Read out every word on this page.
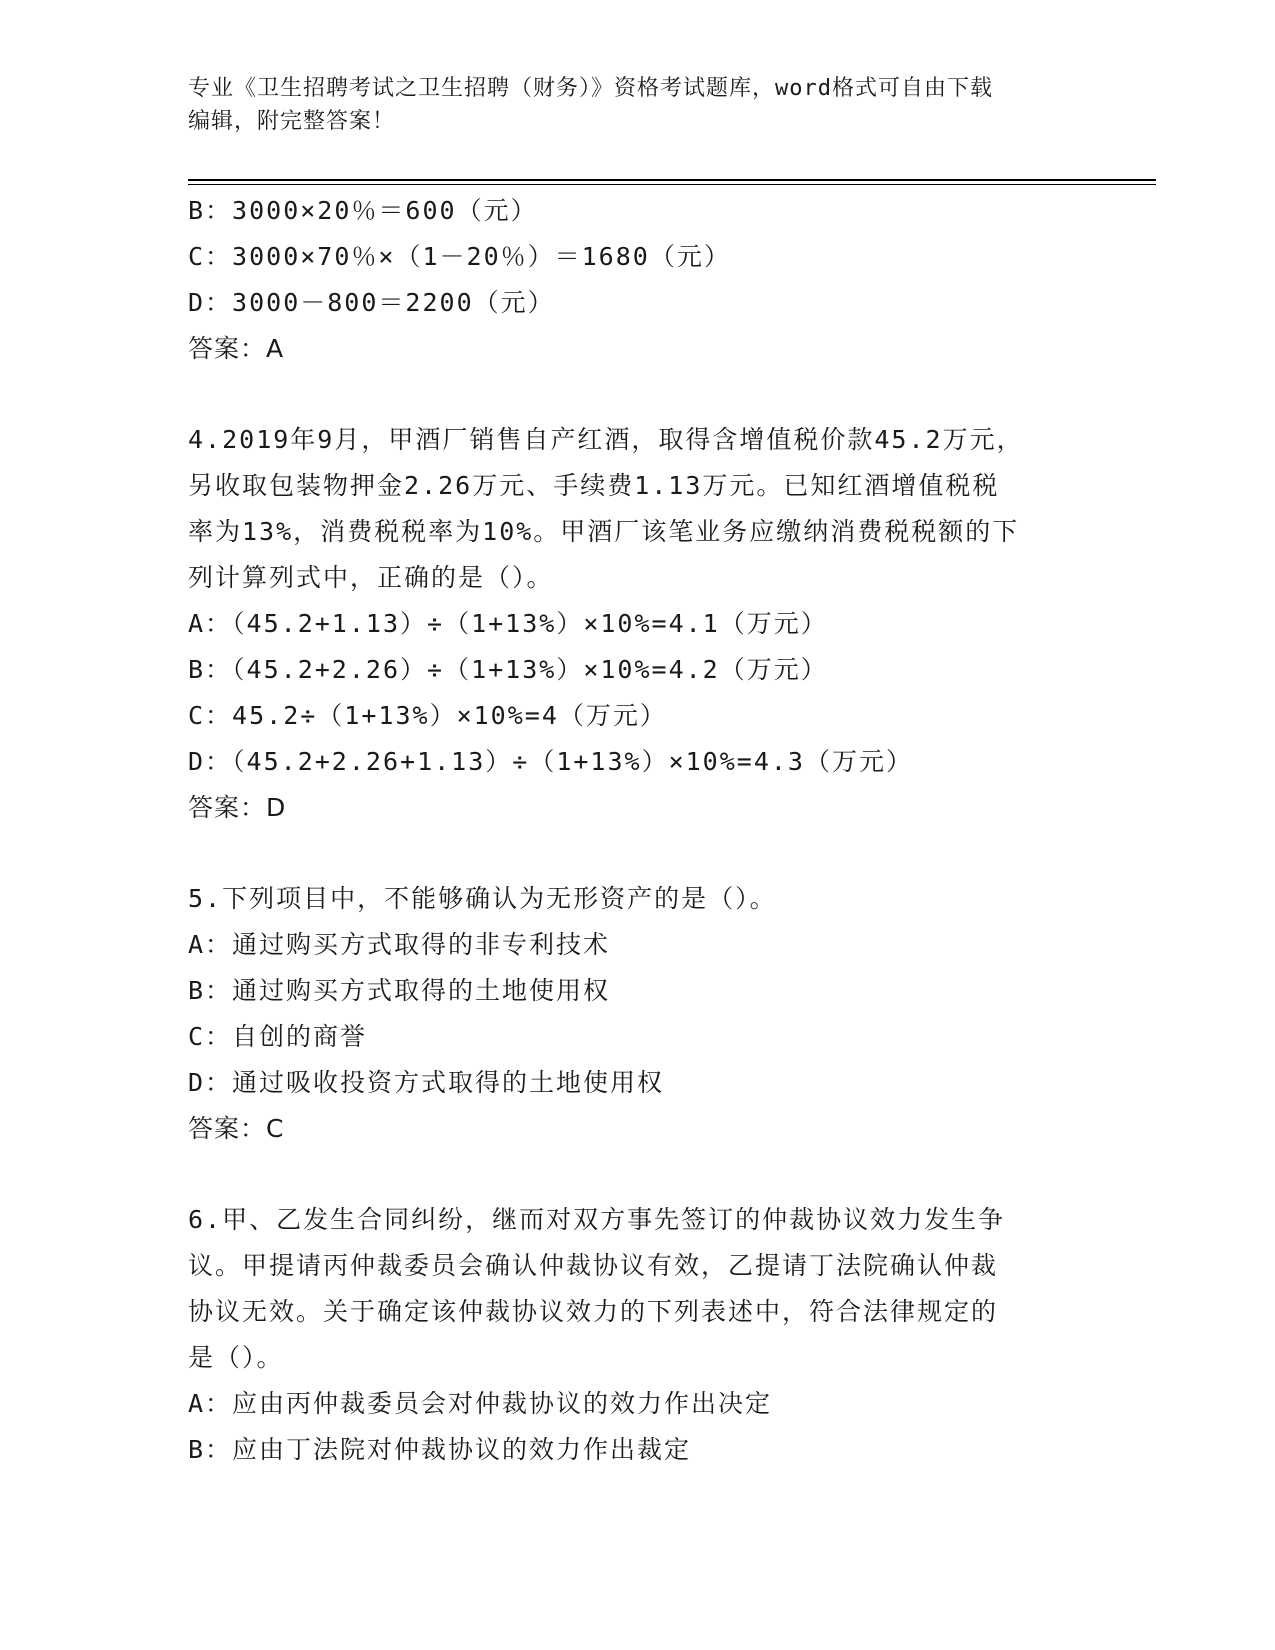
专业《卫生招聘考试之卫生招聘（财务）》资格考试题库，word格式可自由下载
编辑，附完整答案！
B：3000×20％＝600（元）
C：3000×70％×（1－20％）＝1680（元）
D：3000－800＝2200（元）
答案：A
4.2019年9月，甲酒厂销售自产红酒，取得含增值税价款45.2万元，
另收取包装物押金2.26万元、手续费1.13万元。已知红酒增值税税
率为13%，消费税税率为10%。甲酒厂该笔业务应缴纳消费税税额的下
列计算列式中，正确的是（）。
A：（45.2+1.13）÷（1+13%）×10%=4.1（万元）
B：（45.2+2.26）÷（1+13%）×10%=4.2（万元）
C：45.2÷（1+13%）×10%=4（万元）
D：（45.2+2.26+1.13）÷（1+13%）×10%=4.3（万元）
答案：D
5.下列项目中，不能够确认为无形资产的是（）。
A：通过购买方式取得的非专利技术
B：通过购买方式取得的土地使用权
C：自创的商誉
D：通过吸收投资方式取得的土地使用权
答案：C
6.甲、乙发生合同纠纷，继而对双方事先签订的仲裁协议效力发生争
议。甲提请丙仲裁委员会确认仲裁协议有效，乙提请丁法院确认仲裁
协议无效。关于确定该仲裁协议效力的下列表述中，符合法律规定的
是（）。
A：应由丙仲裁委员会对仲裁协议的效力作出决定
B：应由丁法院对仲裁协议的效力作出裁定
